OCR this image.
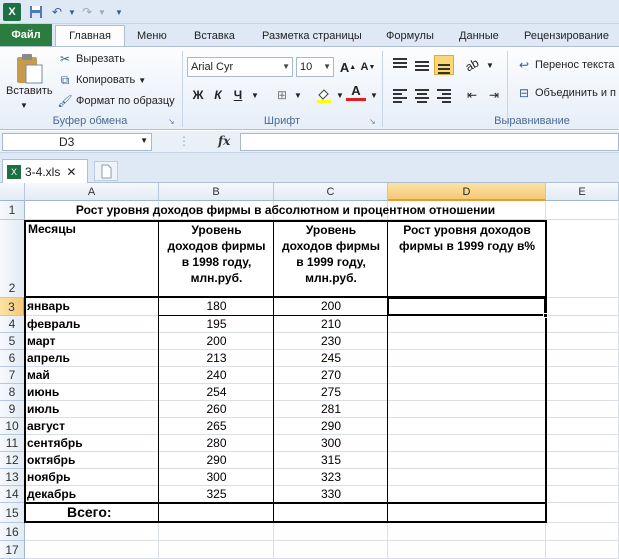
X	↶ ▼ ↷ ▼	▼
Файл	Главная	Меню	Вставка	Разметка страницы	Формулы	Данные	Рецензирование
Вставить
▼
✂ Вырезать
⧉ Копировать ▼
🖌 Формат по образцу
Буфер обмена	↘
Arial Cyr	▼ 10 ▼ A ▲ A ▼
Ж К	Ч	▼	⊞ ▼	▼ A	▼
Шрифт	↘
ab ▼
⇤ ⇥
↩ Перенос текста
⊟ Объединить и п
Выравнивание
D3	▼	⋮ fx
X 3-4.xls ✕
A	B	C	D	E
1
2
3
4
5
6
7
8
9
10
11
12
13
14
15
16
17
Рост уровня доходов фирмы в абсолютном и процентном отношении
Месяцы	Уровень
доходов фирмы
в 1998 году,
млн.руб.
Уровень
доходов фирмы
в 1999 году,
млн.руб.
Рост уровня доходов
фирмы в 1999 году в%
январь	180	200
февраль	195	210
март	200	230
апрель	213	245
май	240	270
июнь	254	275
июль	260	281
август	265	290
сентябрь	280	300
октябрь	290	315
ноябрь	300	323
декабрь	325	330
Всего:
